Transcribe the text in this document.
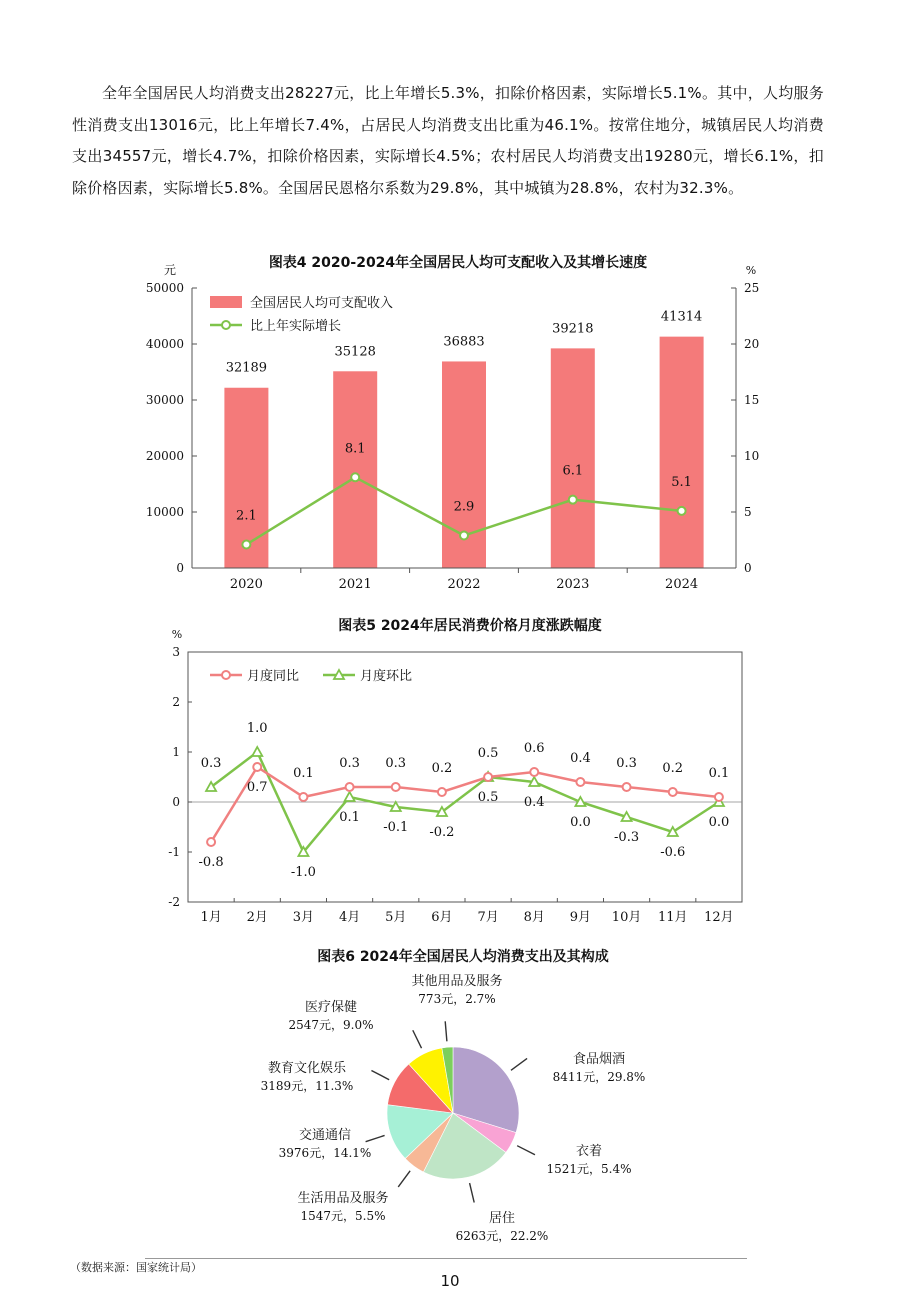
全年全国居民人均消费支出28227元，比上年增长5.3%，扣除价格因素，实际增长5.1%。其中，人均服务性消费支出13016元，比上年增长7.4%，占居民人均消费支出比重为46.1%。按常住地分，城镇居民人均消费支出34557元，增长4.7%，扣除价格因素，实际增长4.5%；农村居民人均消费支出19280元，增长6.1%，扣除价格因素，实际增长5.8%。全国居民恩格尔系数为29.8%，其中城镇为28.8%，农村为32.3%。

图表4 2020-2024年全国居民人均可支配收入及其增长速度
元	%
32189
35128
36883
39218
41314
2.1
8.1
2.9
6.1
5.1
0
10000
20000
30000
40000
50000
0
5
10
15
20
25
2020	2021	2022	2023	2024
全国居民人均可支配收入
比上年实际增长
图表5 2024年居民消费价格月度涨跌幅度
%
-0.8
0.3
0.7
1.0
0.1
-1.0
0.3
0.1
0.3
-0.1
0.2
-0.2
0.5
0.5
0.6
0.4
0.4
0.0
0.3
-0.3
0.2
-0.6
0.1
0.0
-2
-1
0
1
2
3
1月 2月 3月 4月 5月 6月 7月 8月 9月 10月 11月 12月
月度同比	月度环比
图表6 2024年全国居民人均消费支出及其构成
食品烟酒
8411元，29.8%
衣着
1521元，5.4%
居住
6263元，22.2%
生活用品及服务
1547元，5.5%
交通通信
3976元，14.1%
教育文化娱乐
3189元，11.3%
医疗保健
2547元，9.0%
其他用品及服务
773元，2.7%
（数据来源：国家统计局）
10
